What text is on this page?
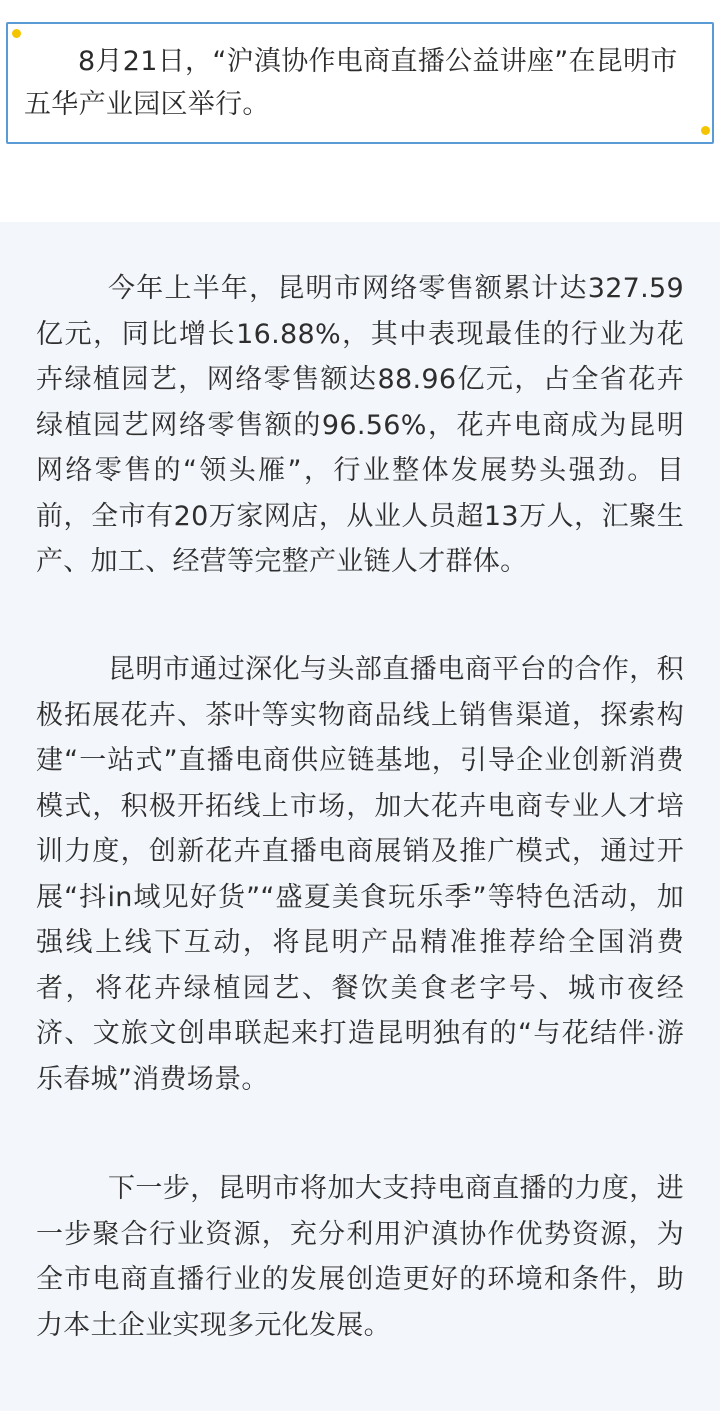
8月21日，“沪滇协作电商直播公益讲座”在昆明市五华产业园区举行。

今年上半年，昆明市网络零售额累计达327.59亿元，同比增长16.88%，其中表现最佳的行业为花卉绿植园艺，网络零售额达88.96亿元，占全省花卉绿植园艺网络零售额的96.56%，花卉电商成为昆明网络零售的“领头雁”，行业整体发展势头强劲。目前，全市有20万家网店，从业人员超13万人，汇聚生产、加工、经营等完整产业链人才群体。

昆明市通过深化与头部直播电商平台的合作，积极拓展花卉、茶叶等实物商品线上销售渠道，探索构建“一站式”直播电商供应链基地，引导企业创新消费模式，积极开拓线上市场，加大花卉电商专业人才培训力度，创新花卉直播电商展销及推广模式，通过开展“抖in域见好货”“盛夏美食玩乐季”等特色活动，加强线上线下互动，将昆明产品精准推荐给全国消费者，将花卉绿植园艺、餐饮美食老字号、城市夜经济、文旅文创串联起来打造昆明独有的“与花结伴·游乐春城”消费场景。

下一步，昆明市将加大支持电商直播的力度，进一步聚合行业资源，充分利用沪滇协作优势资源，为全市电商直播行业的发展创造更好的环境和条件，助力本土企业实现多元化发展。
